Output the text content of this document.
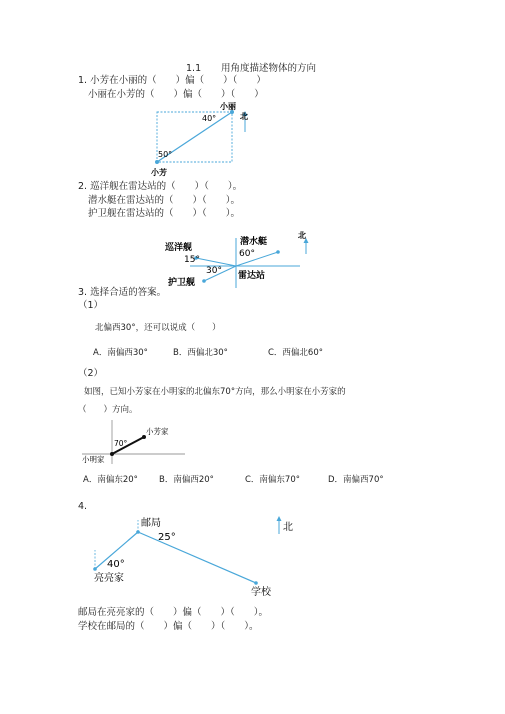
1.1 用角度描述物体的方向
1. 小芳在小丽的（　　）偏（　　）（　　）
小丽在小芳的（　　）偏（　　）（　　）
小丽
40°
50°
小芳
北
2. 巡洋舰在雷达站的（　　）（　　）。
潜水艇在雷达站的（　　）（　　）。
护卫舰在雷达站的（　　）（　　）。
巡洋舰
15°
潜水艇
60°
30° 雷达站
护卫舰
北
3. 选择合适的答案。
（1）
北偏西30°，还可以说成（　　）
A．南偏西30°	B．西偏北30°	C．西偏北60°
（2）
如图，已知小芳家在小明家的北偏东70°方向，那么小明家在小芳家的
（　　）方向。
小芳家
70°
小明家
A．南偏东20° B．南偏西20°	C．南偏东70°	D．南偏西70°
4.
邮局
25°
40°
亮亮家
学校
北
邮局在亮亮家的（　　）偏（　　）（　　）。
学校在邮局的（　　）偏（　　）（　　）。
